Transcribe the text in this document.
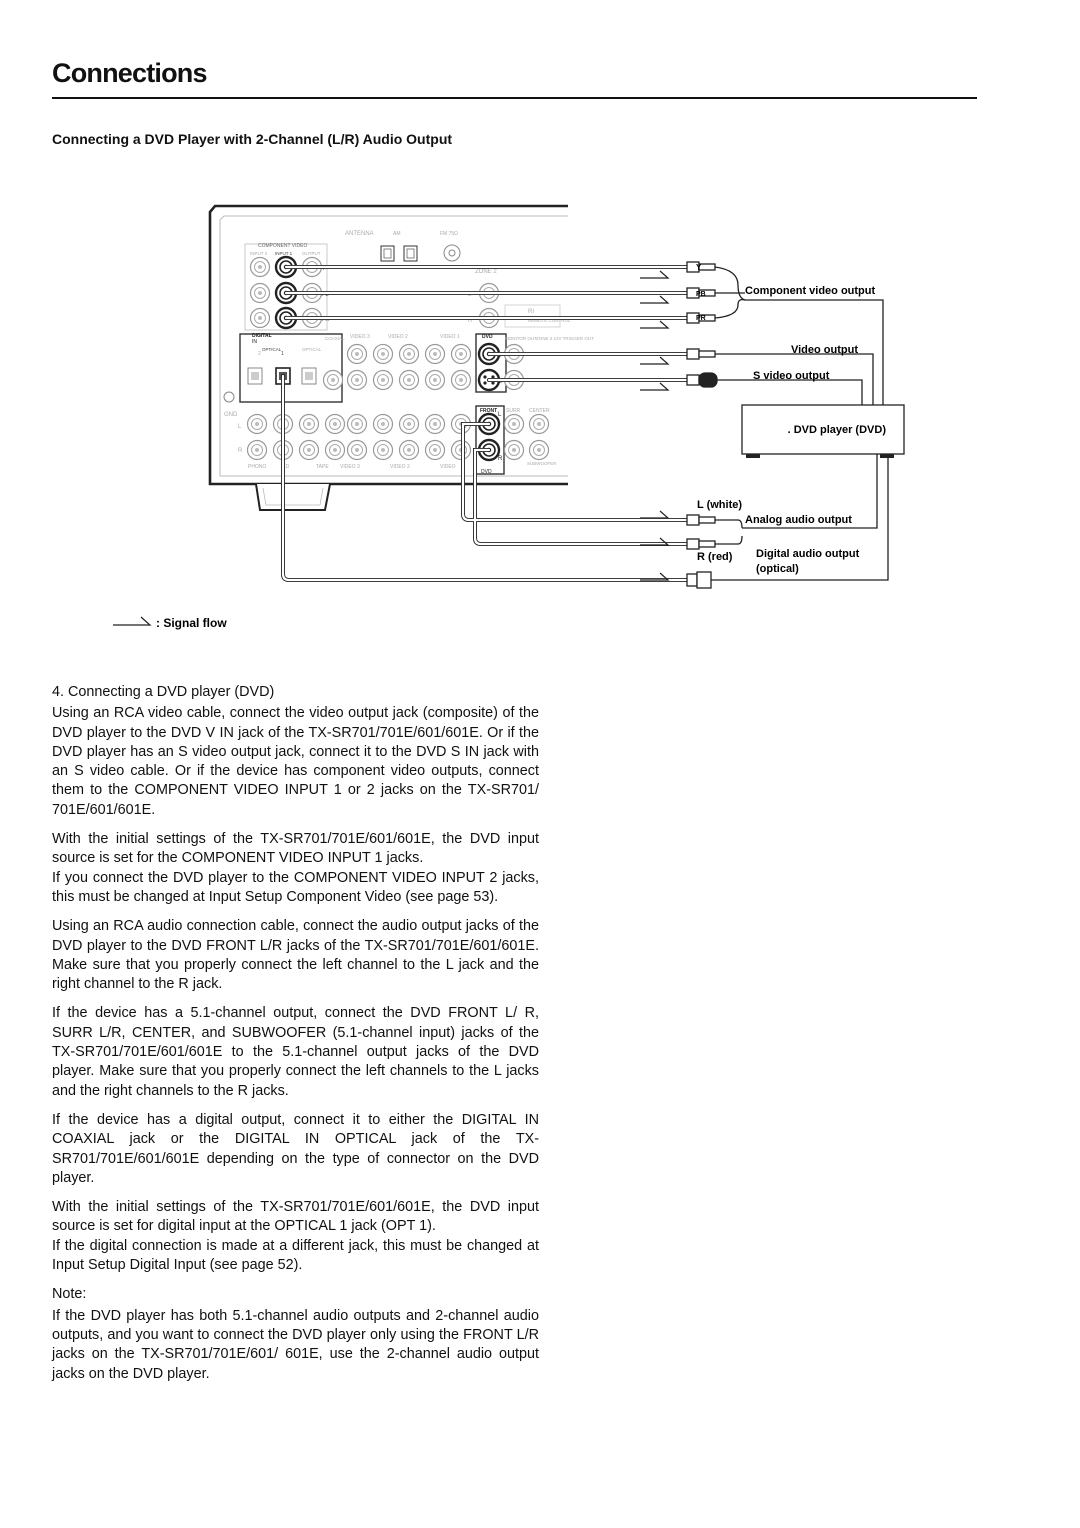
Connections
Connecting a DVD Player with 2-Channel (L/R) Audio Output
ANTENNA	AM	FM 75Ω
COMPONENT VIDEO
INPUT 2 INPUT 1 OUTPUT
Y
PB
PR
ZONE 2
L
R
RI
REMOTE CONTROL
DIGITAL
IN
OPTICAL
2	1
OPTICAL
COAXIAL VIDEO 3	VIDEO 2	VIDEO 1	DVD
V
S
MONITOR OUT ZONE 2 12V TRIGGER OUT
GND
L
R
FRONT
L
R
SURR CENTER
SUBWOOFER
DVD
PHONO	CD	TAPE VIDEO 3	VIDEO 2	VIDEO
Y
PB
PR
Component video output
Video output
S video output
. DVD player (DVD)
L (white)
Analog audio output
R (red) Digital audio output
(optical)
: Signal flow

4. Connecting a DVD player (DVD)

Using an RCA video cable, connect the video output jack (composite) of the DVD player to the DVD V IN jack of the TX-SR701/701E/601/601E. Or if the DVD player has an S video output jack, connect it to the DVD S IN jack with an S video cable. Or if the device has component video outputs, connect them to the COMPONENT VIDEO INPUT 1 or 2 jacks on the TX-SR701/ 701E/601/601E.

With the initial settings of the TX-SR701/701E/601/601E, the DVD input source is set for the COMPONENT VIDEO INPUT 1 jacks.

If you connect the DVD player to the COMPONENT VIDEO INPUT 2 jacks, this must be changed at Input Setup Component Video (see page 53).

Using an RCA audio connection cable, connect the audio output jacks of the DVD player to the DVD FRONT L/R jacks of the TX-SR701/701E/601/601E. Make sure that you properly connect the left channel to the L jack and the right channel to the R jack.

If the device has a 5.1-channel output, connect the DVD FRONT L/ R, SURR L/R, CENTER, and SUBWOOFER (5.1-channel input) jacks of the TX-SR701/701E/601/601E to the 5.1-channel output jacks of the DVD player. Make sure that you properly connect the left channels to the L jacks and the right channels to the R jacks.

If the device has a digital output, connect it to either the DIGITAL IN COAXIAL jack or the DIGITAL IN OPTICAL jack of the TX-SR701/701E/601/601E depending on the type of connector on the DVD player.

With the initial settings of the TX-SR701/701E/601/601E, the DVD input source is set for digital input at the OPTICAL 1 jack (OPT 1).

If the digital connection is made at a different jack, this must be changed at Input Setup Digital Input (see page 52).

Note:

If the DVD player has both 5.1-channel audio outputs and 2-channel audio outputs, and you want to connect the DVD player only using the FRONT L/R jacks on the TX-SR701/701E/601/ 601E, use the 2-channel audio output jacks on the DVD player.
